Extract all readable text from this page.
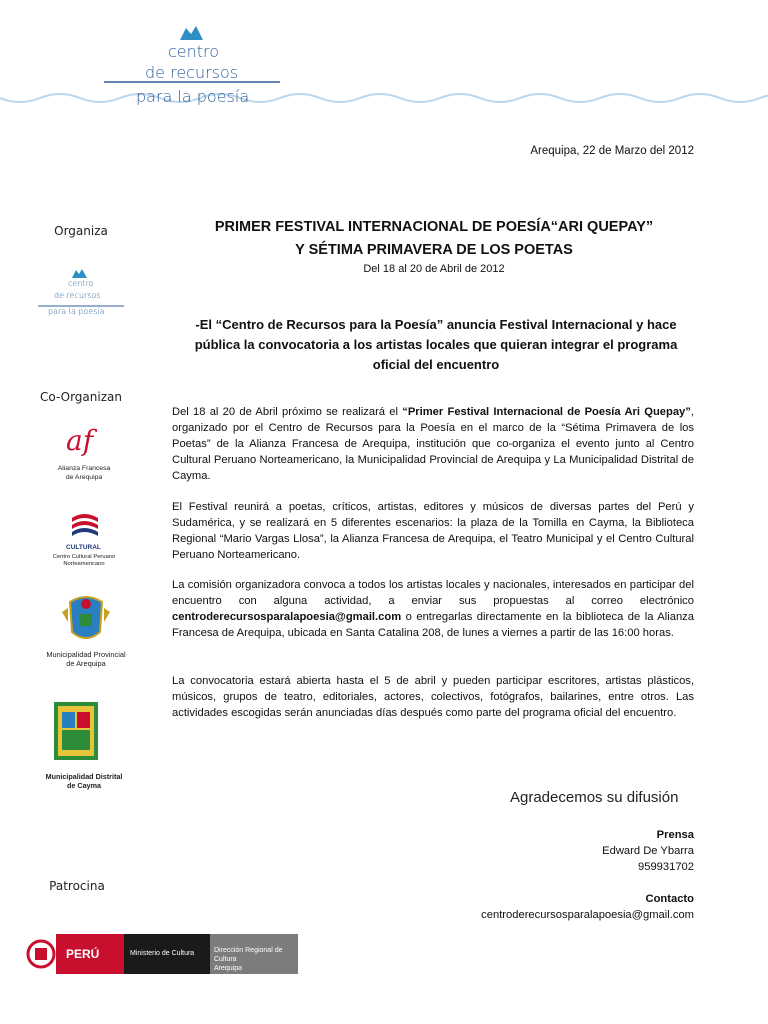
centro
de recursos
para la poesía
Arequipa, 22 de Marzo del 2012
PRIMER FESTIVAL INTERNACIONAL DE POESÍA“ARI QUEPAY”
Y SÉTIMA PRIMAVERA DE LOS POETAS
Del 18 al 20 de Abril de 2012
-El “Centro de Recursos para la Poesía” anuncia Festival Internacional y hace pública la convocatoria a los artistas locales que quieran integrar el programa oficial del encuentro
Del 18 al 20 de Abril próximo se realizará el “Primer Festival Internacional de Poesía Ari Quepay”, organizado por el Centro de Recursos para la Poesía en el marco de la “Sétima Primavera de los Poetas” de la Alianza Francesa de Arequipa, institución que co-organiza el evento junto al Centro Cultural Peruano Norteamericano, la Municipalidad Provincial de Arequipa y La Municipalidad Distrital de Cayma.
El Festival reunirá a poetas, críticos, artistas, editores y músicos de diversas partes del Perú y Sudamérica, y se realizará en 5 diferentes escenarios: la plaza de la Tomilla en Cayma, la Biblioteca Regional “Mario Vargas Llosa”, la Alianza Francesa de Arequipa, el Teatro Municipal y el Centro Cultural Peruano Norteamericano.
La comisión organizadora convoca a todos los artistas locales y nacionales, interesados en participar del encuentro con alguna actividad, a enviar sus propuestas al correo electrónico centroderecursosparalapoesia@gmail.com o entregarlas directamente en la biblioteca de la Alianza Francesa de Arequipa, ubicada en Santa Catalina 208, de lunes a viernes a partir de las 16:00 horas.
La convocatoria estará abierta hasta el 5 de abril y pueden participar escritores, artistas plásticos, músicos, grupos de teatro, editoriales, actores, colectivos, fotógrafos, bailarines, entre otros. Las actividades escogidas serán anunciadas días después como parte del programa oficial del encuentro.
Agradecemos su difusión
Prensa
Edward De Ybarra
959931702
Contacto
centroderecursosparalapoesia@gmail.com
Organiza
centro
de recursos
para la poesía
Co-Organizan
af
Alianza Francesa
de Arequipa
CULTURAL
Centro Cultural Peruano
Norteamericano
Municipalidad Provincial
de Arequipa
Municipalidad Distrital
de Cayma
Patrocina
PERÚ	Ministerio de Cultura	Dirección Regional de Cultura
Arequipa
